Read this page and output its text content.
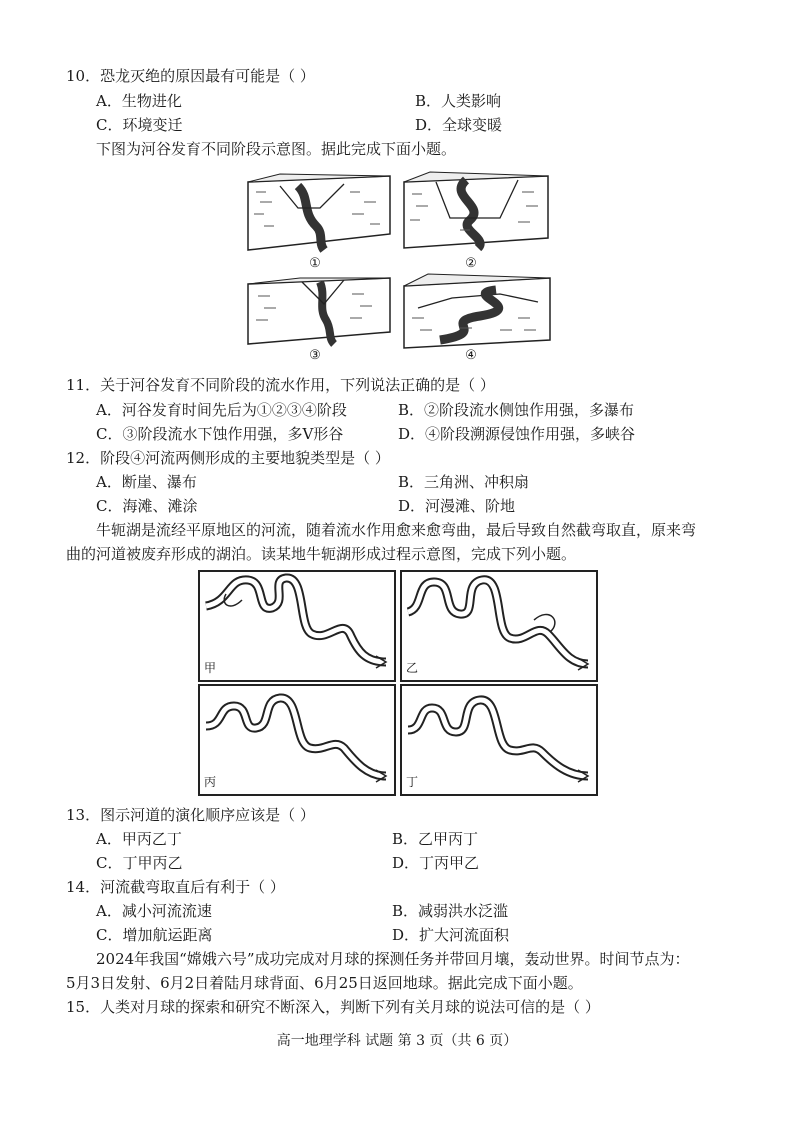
10．恐龙灭绝的原因最有可能是（ ）
A．生物进化	B．人类影响
C．环境变迁	D．全球变暖
下图为河谷发育不同阶段示意图。据此完成下面小题。
①	②
③	④
11．关于河谷发育不同阶段的流水作用，下列说法正确的是（ ）
A．河谷发育时间先后为①②③④阶段	B．②阶段流水侧蚀作用强，多瀑布
C．③阶段流水下蚀作用强，多V形谷	D．④阶段溯源侵蚀作用强，多峡谷
12．阶段④河流两侧形成的主要地貌类型是（ ）
A．断崖、瀑布	B．三角洲、冲积扇
C．海滩、滩涂	D．河漫滩、阶地
牛轭湖是流经平原地区的河流，随着流水作用愈来愈弯曲，最后导致自然截弯取直，原来弯
曲的河道被废弃形成的湖泊。读某地牛轭湖形成过程示意图，完成下列小题。
甲	乙
丙	丁
13．图示河道的演化顺序应该是（ ）
A．甲丙乙丁	B．乙甲丙丁
C．丁甲丙乙	D．丁丙甲乙
14．河流截弯取直后有利于（ ）
A．减小河流流速	B．减弱洪水泛滥
C．增加航运距离	D．扩大河流面积
2024年我国“嫦娥六号”成功完成对月球的探测任务并带回月壤，轰动世界。时间节点为：
5月3日发射、6月2日着陆月球背面、6月25日返回地球。据此完成下面小题。
15．人类对月球的探索和研究不断深入，判断下列有关月球的说法可信的是（ ）
高一地理学科 试题 第 3 页（共 6 页）
